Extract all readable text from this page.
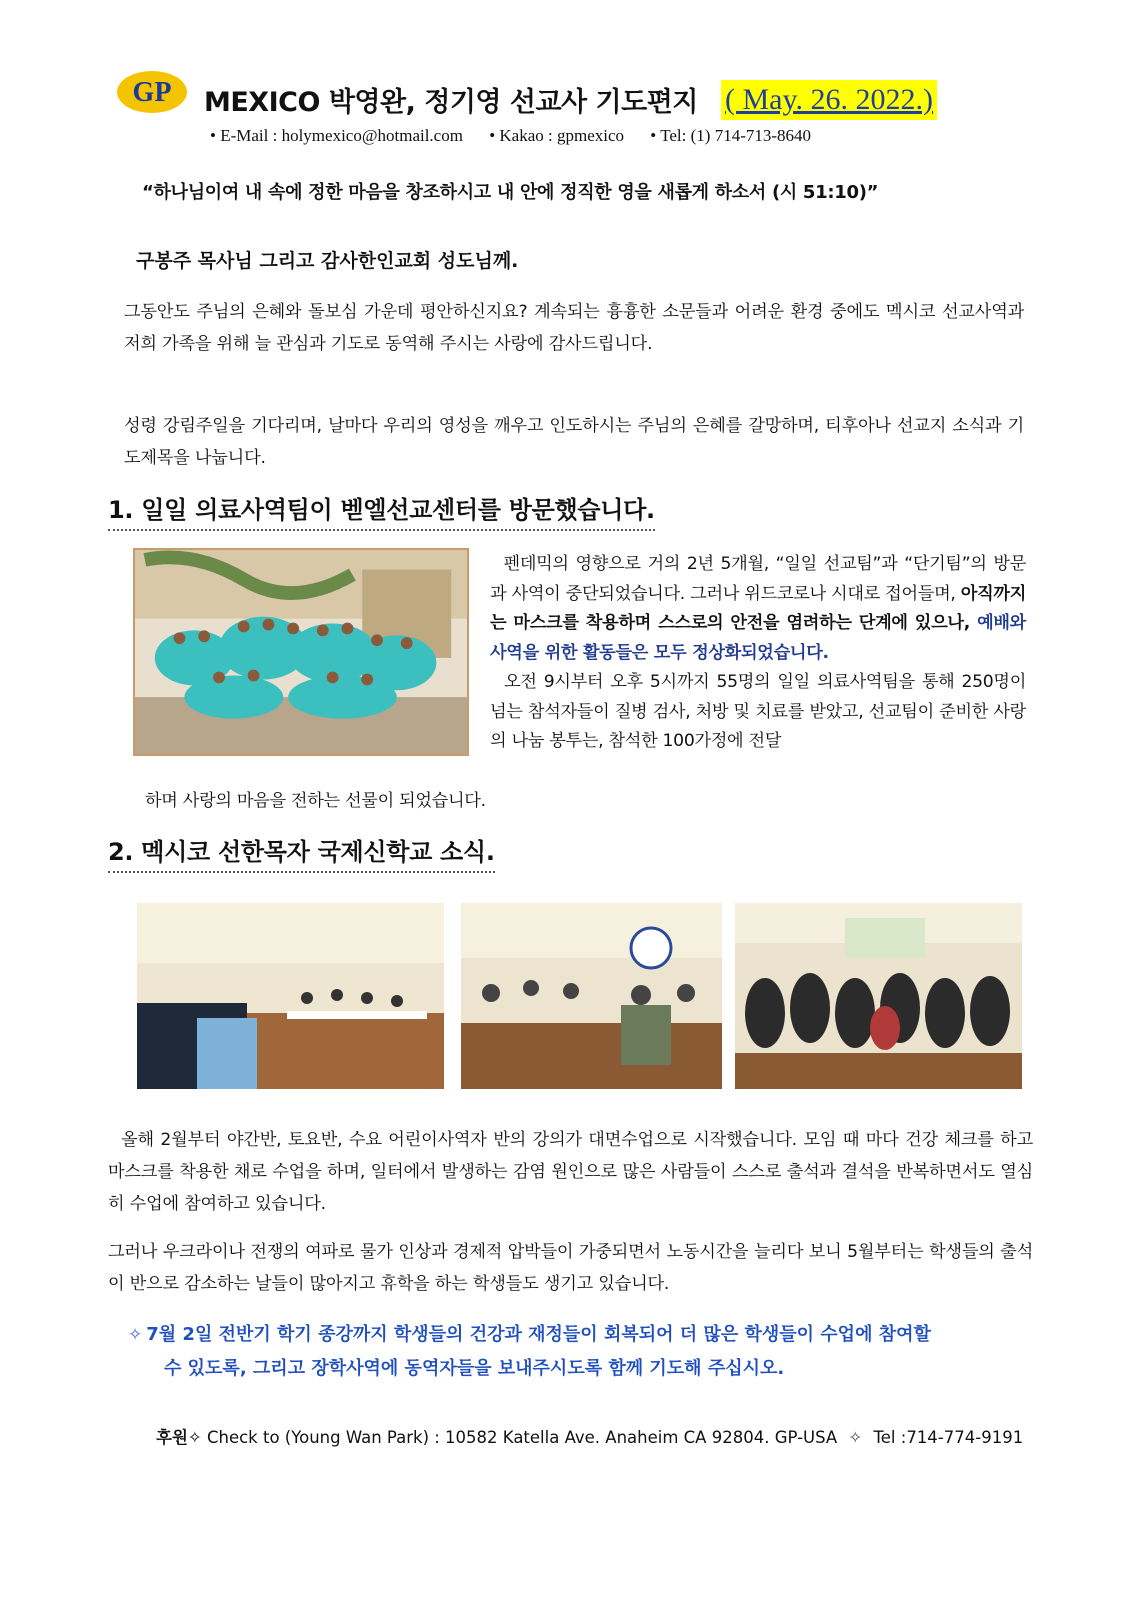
GP MEXICO 박영완, 정기영 선교사 기도편지 ( May. 26. 2022.)
• E-Mail : holymexico@hotmail.com • Kakao : gpmexico • Tel: (1) 714-713-8640
“하나님이여 내 속에 정한 마음을 창조하시고 내 안에 정직한 영을 새롭게 하소서 (시 51:10)”
구봉주 목사님 그리고 감사한인교회 성도님께.
그동안도 주님의 은혜와 돌보심 가운데 평안하신지요? 계속되는 흉흉한 소문들과 어려운 환경 중에도 멕시코 선교사역과 저희 가족을 위해 늘 관심과 기도로 동역해 주시는 사랑에 감사드립니다.
성령 강림주일을 기다리며, 날마다 우리의 영성을 깨우고 인도하시는 주님의 은혜를 갈망하며, 티후아나 선교지 소식과 기도제목을 나눕니다.
1. 일일 의료사역팀이 벧엘선교센터를 방문했습니다.
펜데믹의 영향으로 거의 2년 5개월, “일일 선교팀”과 “단기팀”의 방문과 사역이 중단되었습니다. 그러나 위드코로나 시대로 접어들며, 아직까지는 마스크를 착용하며 스스로의 안전을 염려하는 단계에 있으나, 예배와 사역을 위한 활동들은 모두 정상화되었습니다.
오전 9시부터 오후 5시까지 55명의 일일 의료사역팀을 통해 250명이 넘는 참석자들이 질병 검사, 처방 및 치료를 받았고, 선교팀이 준비한 사랑의 나눔 봉투는, 참석한 100가정에 전달
하며 사랑의 마음을 전하는 선물이 되었습니다.
2. 멕시코 선한목자 국제신학교 소식.
올해 2월부터 야간반, 토요반, 수요 어린이사역자 반의 강의가 대면수업으로 시작했습니다. 모임 때 마다 건강 체크를 하고 마스크를 착용한 채로 수업을 하며, 일터에서 발생하는 감염 원인으로 많은 사람들이 스스로 출석과 결석을 반복하면서도 열심히 수업에 참여하고 있습니다.
그러나 우크라이나 전쟁의 여파로 물가 인상과 경제적 압박들이 가중되면서 노동시간을 늘리다 보니 5월부터는 학생들의 출석이 반으로 감소하는 날들이 많아지고 휴학을 하는 학생들도 생기고 있습니다.
✧ 7월 2일 전반기 학기 종강까지 학생들의 건강과 재정들이 회복되어 더 많은 학생들이 수업에 참여할
수 있도록, 그리고 장학사역에 동역자들을 보내주시도록 함께 기도해 주십시오.
후원✧ Check to (Young Wan Park) : 10582 Katella Ave. Anaheim CA 92804. GP-USA ✧ Tel :714-774-9191
